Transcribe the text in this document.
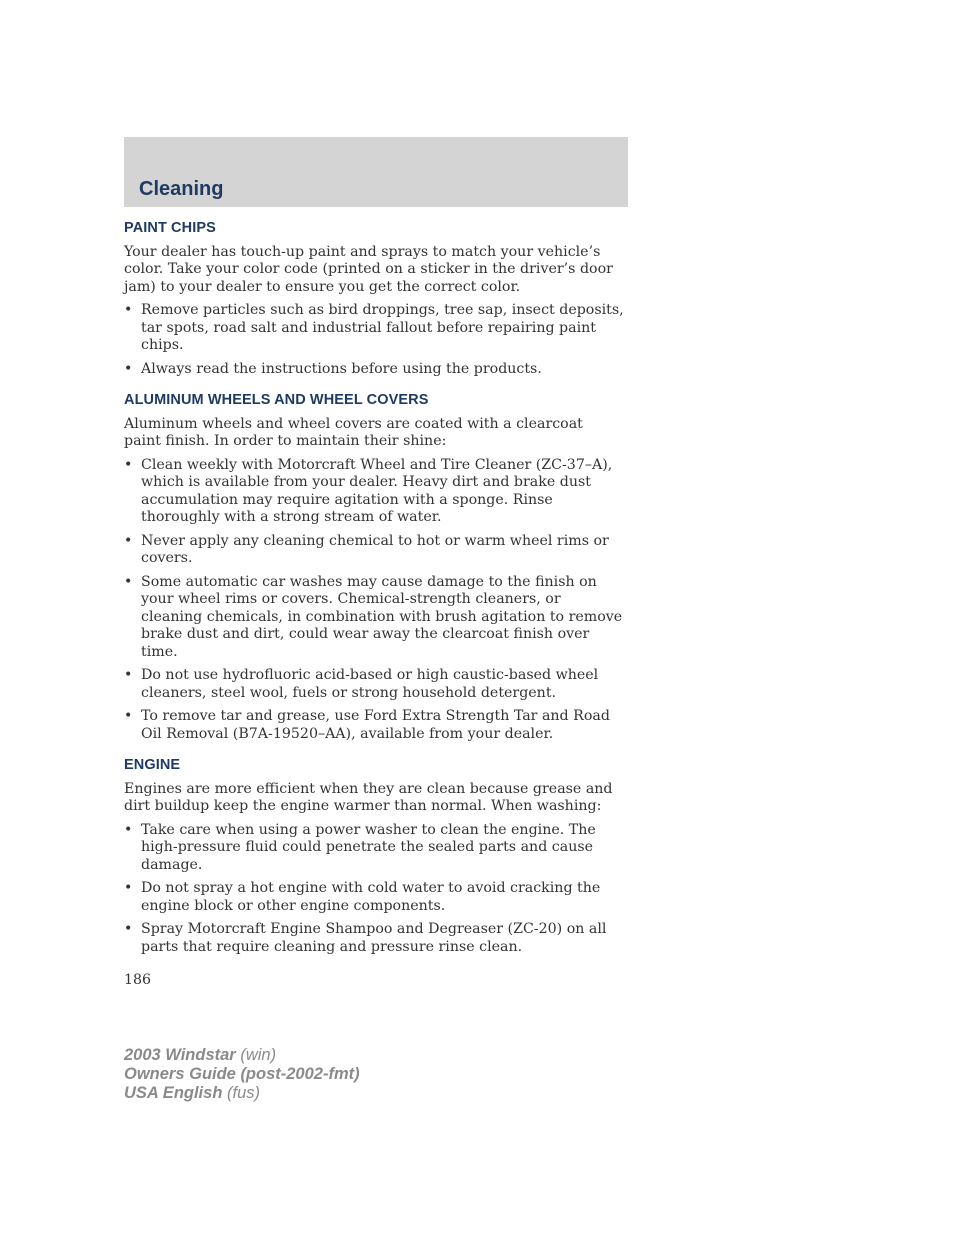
Cleaning
PAINT CHIPS

Your dealer has touch-up paint and sprays to match your vehicle’s color. Take your color code (printed on a sticker in the driver’s door jam) to your dealer to ensure you get the correct color.

• Remove particles such as bird droppings, tree sap, insect deposits, tar spots, road salt and industrial fallout before repairing paint chips.
• Always read the instructions before using the products.
ALUMINUM WHEELS AND WHEEL COVERS

Aluminum wheels and wheel covers are coated with a clearcoat paint finish. In order to maintain their shine:

• Clean weekly with Motorcraft Wheel and Tire Cleaner (ZC-37–A), which is available from your dealer. Heavy dirt and brake dust accumulation may require agitation with a sponge. Rinse thoroughly with a strong stream of water.
• Never apply any cleaning chemical to hot or warm wheel rims or covers.
• Some automatic car washes may cause damage to the finish on your wheel rims or covers. Chemical-strength cleaners, or cleaning chemicals, in combination with brush agitation to remove brake dust and dirt, could wear away the clearcoat finish over time.
• Do not use hydrofluoric acid-based or high caustic-based wheel cleaners, steel wool, fuels or strong household detergent.
• To remove tar and grease, use Ford Extra Strength Tar and Road Oil Removal (B7A-19520–AA), available from your dealer.
ENGINE

Engines are more efficient when they are clean because grease and dirt buildup keep the engine warmer than normal. When washing:

• Take care when using a power washer to clean the engine. The high-pressure fluid could penetrate the sealed parts and cause damage.
• Do not spray a hot engine with cold water to avoid cracking the engine block or other engine components.
• Spray Motorcraft Engine Shampoo and Degreaser (ZC-20) on all parts that require cleaning and pressure rinse clean.
186
2003 Windstar (win)
Owners Guide (post-2002-fmt)
USA English (fus)
